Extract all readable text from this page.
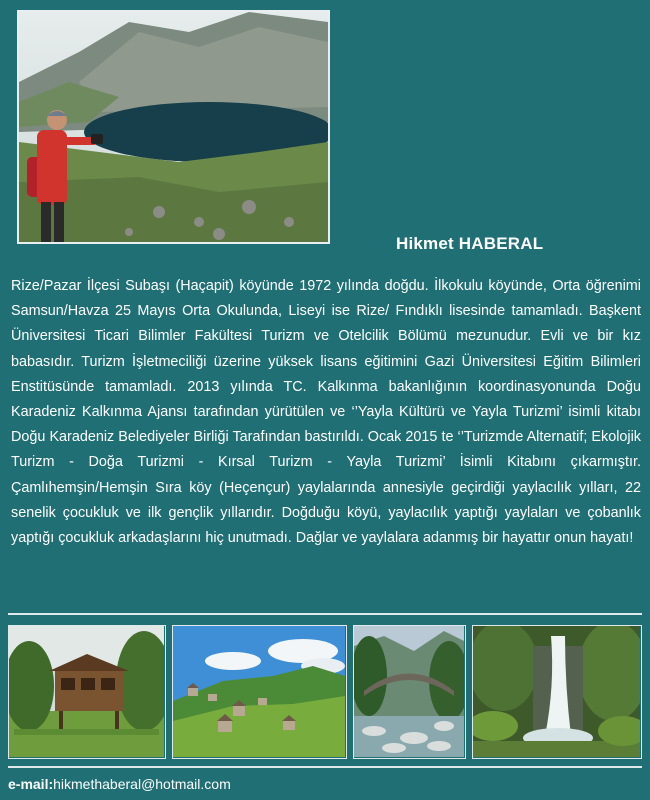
Hikmet HABERAL

Rize/Pazar İlçesi Subaşı (Haçapit) köyünde 1972 yılında doğdu. İlkokulu köyünde, Orta öğrenimi Samsun/Havza 25 Mayıs Orta Okulunda, Liseyi ise Rize/ Fındıklı lisesinde tamamladı. Başkent Üniversitesi Ticari Bilimler Fakültesi Turizm ve Otelcilik Bölümü mezunudur. Evli ve bir kız babasıdır. Turizm İşletmeciliği üzerine yüksek lisans eğitimini Gazi Üniversitesi Eğitim Bilimleri Enstitüsünde tamamladı. 2013 yılında TC. Kalkınma bakanlığının koordinasyonunda Doğu Karadeniz Kalkınma Ajansı tarafından yürütülen ve ‘’Yayla Kültürü ve Yayla Turizmi’ isimli kitabı Doğu Karadeniz Belediyeler Birliği Tarafından bastırıldı. Ocak 2015 te ‘’Turizmde Alternatif; Ekolojik Turizm - Doğa Turizmi - Kırsal Turizm - Yayla Turizmi’ İsimli Kitabını çıkarmıştır. Çamlıhemşin/Hemşin Sıra köy (Heçençur) yaylalarında annesiyle geçirdiği yaylacılık yılları, 22 senelik çocukluk ve ilk gençlik yıllarıdır. Doğduğu köyü, yaylacılık yaptığı yaylaları ve çobanlık yaptığı çocukluk arkadaşlarını hiç unutmadı. Dağlar ve yaylalara adanmış bir hayattır onun hayatı!

e-mail:hikmethaberal@hotmail.com
